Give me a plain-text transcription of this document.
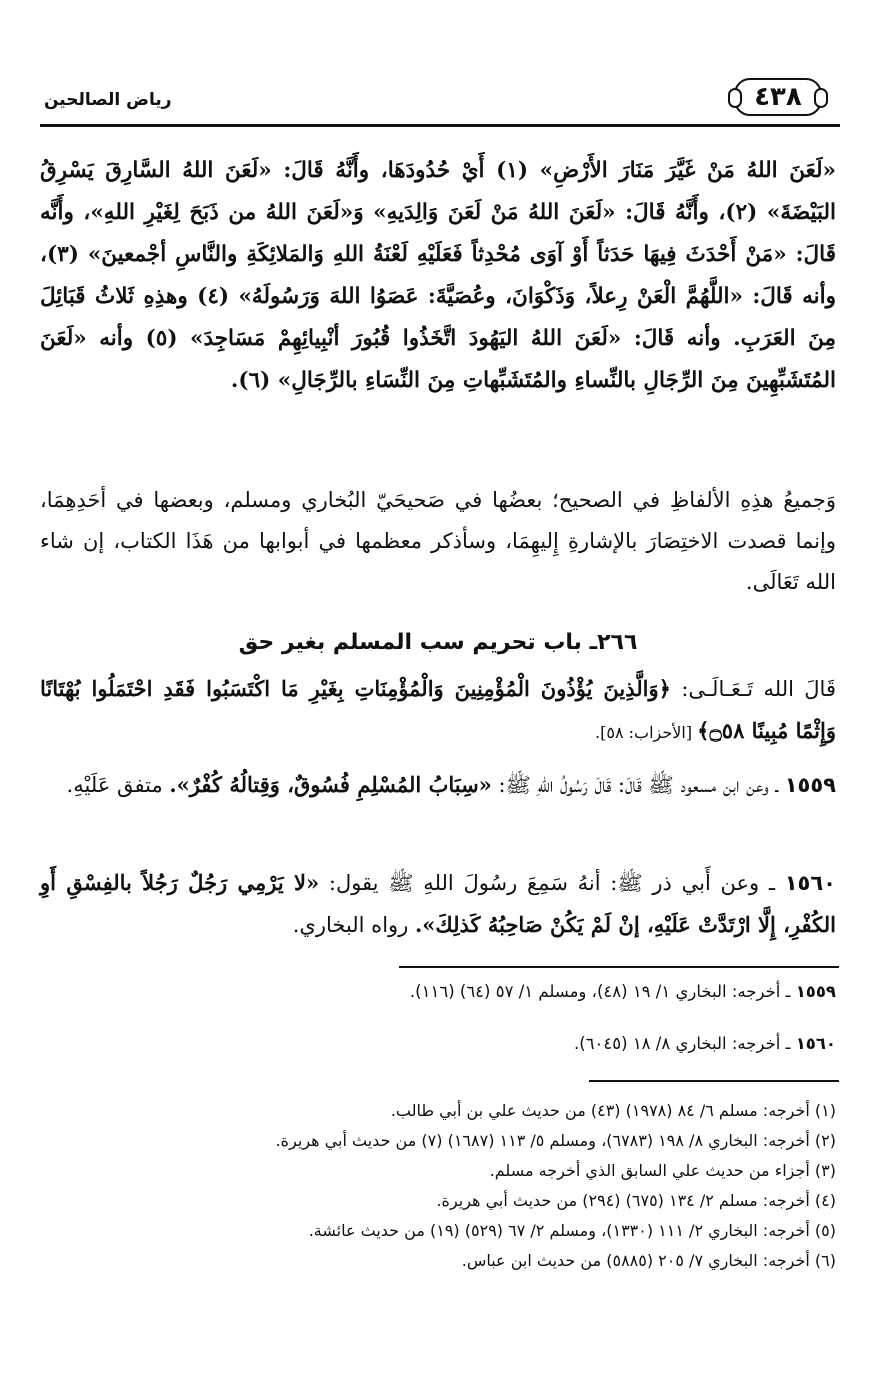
٤٣٨
رياض الصالحين
«لَعَنَ اللهُ مَنْ غَيَّرَ مَنَارَ الأَرْضِ» (١) أَيْ حُدُودَهَا، وأَنَّهُ قَالَ: «لَعَنَ اللهُ السَّارِقَ يَسْرِقُ البَيْضَةَ» (٢)، وأَنَّهُ قَالَ: «لَعَنَ اللهُ مَنْ لَعَنَ وَالِدَيهِ» وَ«لَعَنَ اللهُ من ذَبَحَ لِغَيْرِ اللهِ»، وأَنَّه قَالَ: «مَنْ أَحْدَثَ فِيهَا حَدَثاً أَوْ آوَى مُحْدِثاً فَعَلَيْهِ لَعْنَةُ اللهِ وَالمَلائِكَةِ والنَّاسِ أجْمعينَ» (٣)، وأنه قَالَ: «اللَّهُمَّ الْعَنْ رِعلاً، وَذَكْوَانَ، وعُصَيَّةَ: عَصَوُا اللهَ وَرَسُولَهُ» (٤) وهذِهِ ثَلاثُ قَبَائِلَ مِنَ العَرَبِ. وأنه قَالَ: «لَعَنَ اللهُ اليَهُودَ اتَّخَذُوا قُبُورَ أنْبِيائِهِمْ مَسَاجِدَ» (٥) وأنه «لَعَنَ المُتَشَبِّهِينَ مِنَ الرِّجَالِ بالنِّساءِ والمُتَشَبِّهاتِ مِنَ النِّسَاءِ بالرِّجَالِ» (٦).
وَجميعُ هذِهِ الألفاظِ في الصحيح؛ بعضُها في صَحيحَيّ البُخاري ومسلم، وبعضها في أحَدِهِمَا، وإنما قصدت الاختِصَارَ بالإشارةِ إِليهِمَا، وسأذكر معظمها في أبوابها من هَذَا الكتاب، إن شاء الله تَعَالَى.
٢٦٦ـ باب تحريم سب المسلم بغير حق
قَالَ الله تَـعَـالَـى: ﴿وَالَّذِينَ يُؤْذُونَ الْمُؤْمِنِينَ وَالْمُؤْمِنَاتِ بِغَيْرِ مَا اكْتَسَبُوا فَقَدِ احْتَمَلُوا بُهْتَانًا وَإِثْمًا مُبِينًا ۝٥٨﴾ [الأحزاب: ٥٨].
١٥٥٩ ـ وعن ابن مسعود ﷺ قَالَ: قَالَ رَسُولُ اللهِ ﷺ: «سِبَابُ المُسْلِمِ فُسُوقٌ، وَقِتالُهُ كُفْرٌ». متفق عَلَيْهِ.
١٥٦٠ ـ وعن أَبي ذر ﷺ: أنهُ سَمِعَ رسُولَ اللهِ ﷺ يقول: «لا يَرْمِي رَجُلٌ رَجُلاً بالفِسْقِ أَوِ الكُفْرِ، إِلَّا ارْتَدَّتْ عَلَيْهِ، إنْ لَمْ يَكُنْ صَاحِبُهُ كَذلِكَ». رواه البخاري.
١٥٥٩ ـ أخرجه: البخاري ١/ ١٩ (٤٨)، ومسلم ١/ ٥٧ (٦٤) (١١٦).
١٥٦٠ ـ أخرجه: البخاري ٨/ ١٨ (٦٠٤٥).
(١) أخرجه: مسلم ٦/ ٨٤ (١٩٧٨) (٤٣) من حديث علي بن أبي طالب.
(٢) أخرجه: البخاري ٨/ ١٩٨ (٦٧٨٣)، ومسلم ٥/ ١١٣ (١٦٨٧) (٧) من حديث أبي هريرة.
(٣) أجزاء من حديث علي السابق الذي أخرجه مسلم.
(٤) أخرجه: مسلم ٢/ ١٣٤ (٦٧٥) (٢٩٤) من حديث أبي هريرة.
(٥) أخرجه: البخاري ٢/ ١١١ (١٣٣٠)، ومسلم ٢/ ٦٧ (٥٢٩) (١٩) من حديث عائشة.
(٦) أخرجه: البخاري ٧/ ٢٠٥ (٥٨٨٥) من حديث ابن عباس.
